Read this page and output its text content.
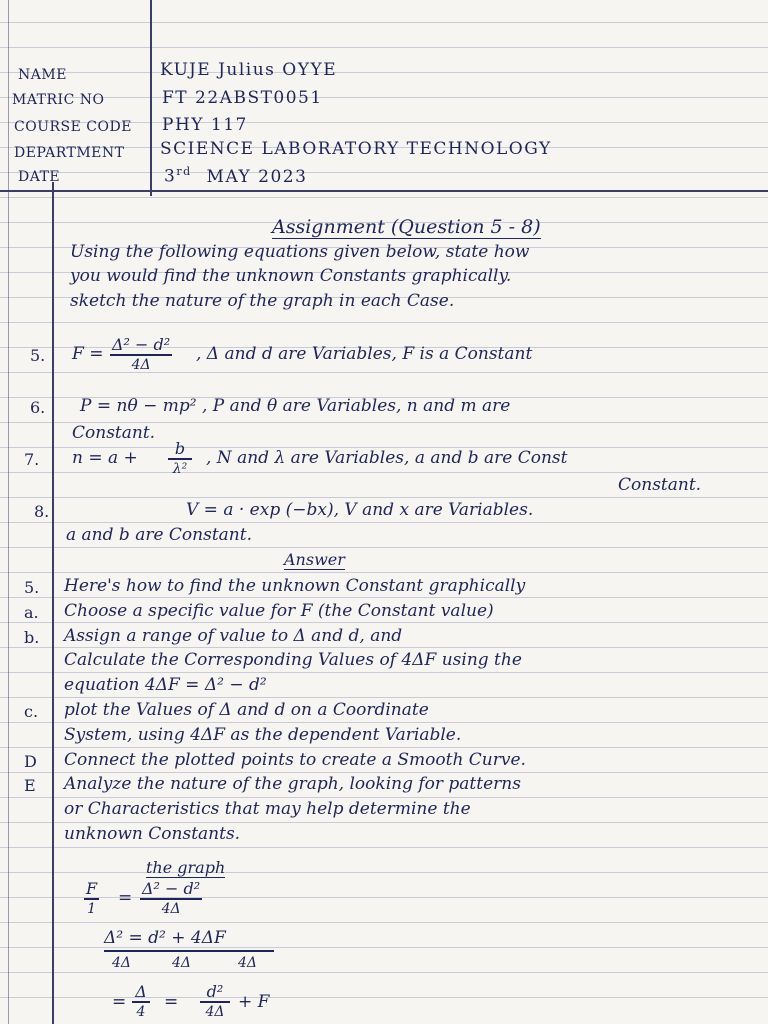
NAME	KUJE Julius OYYE
MATRIC NO	FT 22ABST0051
COURSE CODE PHY 117
DEPARTMENT SCIENCE LABORATORY TECHNOLOGY
DATE	3rd MAY 2023
Assignment (Question 5 - 8)
Using the following equations given below, state how
you would find the unknown Constants graphically.
sketch the nature of the graph in each Case.
5. F = Δ² − d²
4Δ
, Δ and d are Variables, F is a Constant
6. P = nθ − mp² , P and θ are Variables, n and m are
Constant.
7. n = a + b
λ²
, N and λ are Variables, a and b are Const
Constant.
8.	V = a · exp (−bx), V and x are Variables.
a and b are Constant.
Answer
5. Here's how to find the unknown Constant graphically
a. Choose a specific value for F (the Constant value)
b. Assign a range of value to Δ and d, and
Calculate the Corresponding Values of 4ΔF using the
equation 4ΔF = Δ² − d²
c. plot the Values of Δ and d on a Coordinate
System, using 4ΔF as the dependent Variable.
D Connect the plotted points to create a Smooth Curve.
E Analyze the nature of the graph, looking for patterns
or Characteristics that may help determine the
unknown Constants.
the graph
F
1
= Δ² − d²
4Δ
Δ² = d² + 4ΔF
4Δ	4Δ	4Δ
=
Δ
4 =
d²
4Δ + F
